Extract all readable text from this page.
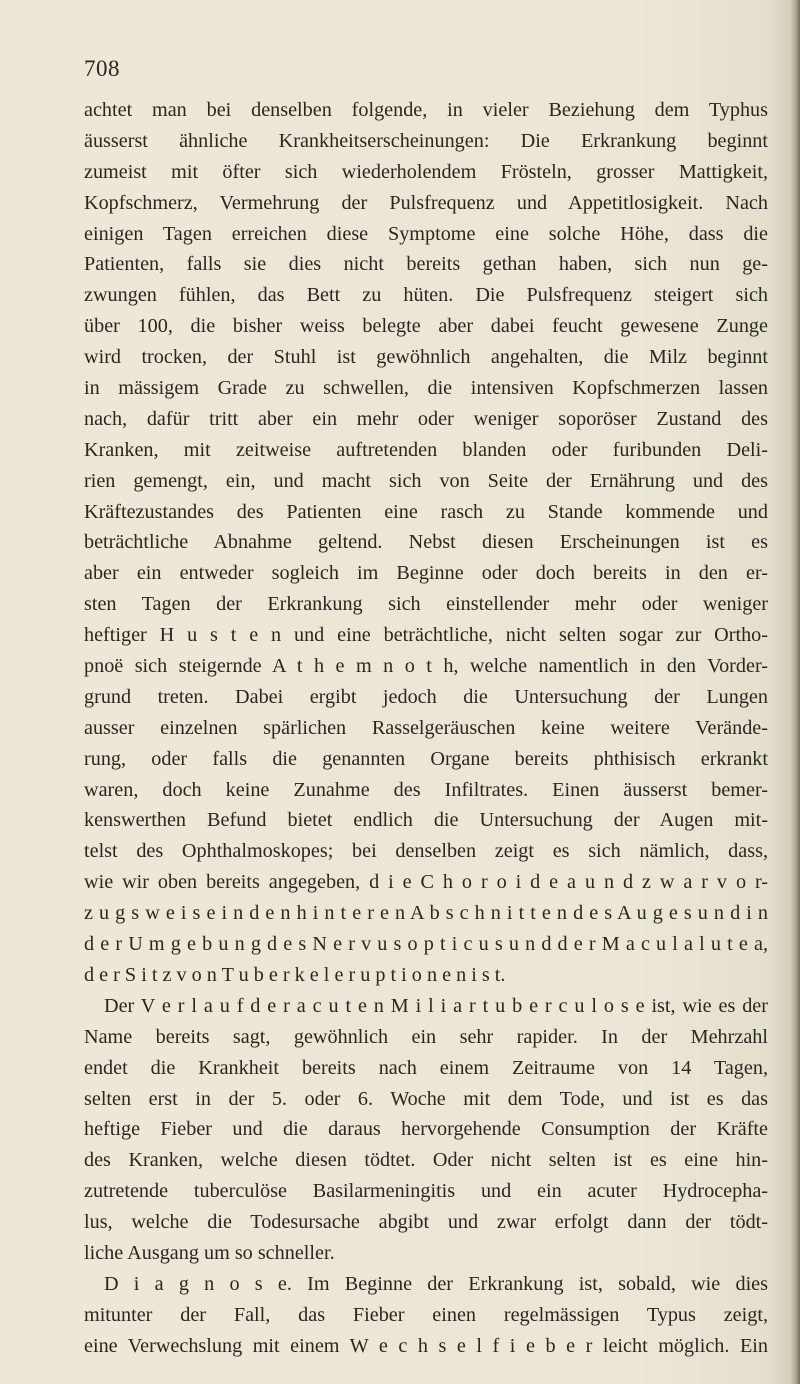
708
achtet man bei denselben folgende, in vieler Beziehung dem Typhus
äusserst ähnliche Krankheitserscheinungen: Die Erkrankung beginnt
zumeist mit öfter sich wiederholendem Frösteln, grosser Mattigkeit,
Kopfschmerz, Vermehrung der Pulsfrequenz und Appetitlosigkeit. Nach
einigen Tagen erreichen diese Symptome eine solche Höhe, dass die
Patienten, falls sie dies nicht bereits gethan haben, sich nun ge-
zwungen fühlen, das Bett zu hüten. Die Pulsfrequenz steigert sich
über 100, die bisher weiss belegte aber dabei feucht gewesene Zunge
wird trocken, der Stuhl ist gewöhnlich angehalten, die Milz beginnt
in mässigem Grade zu schwellen, die intensiven Kopfschmerzen lassen
nach, dafür tritt aber ein mehr oder weniger soporöser Zustand des
Kranken, mit zeitweise auftretenden blanden oder furibunden Deli-
rien gemengt, ein, und macht sich von Seite der Ernährung und des
Kräftezustandes des Patienten eine rasch zu Stande kommende und
beträchtliche Abnahme geltend. Nebst diesen Erscheinungen ist es
aber ein entweder sogleich im Beginne oder doch bereits in den er-
sten Tagen der Erkrankung sich einstellender mehr oder weniger
heftiger H u s t e n und eine beträchtliche, nicht selten sogar zur Ortho-
pnoë sich steigernde A t h e m n o t h, welche namentlich in den Vorder-
grund treten. Dabei ergibt jedoch die Untersuchung der Lungen
ausser einzelnen spärlichen Rasselgeräuschen keine weitere Verände-
rung, oder falls die genannten Organe bereits phthisisch erkrankt
waren, doch keine Zunahme des Infiltrates. Einen äusserst bemer-
kenswerthen Befund bietet endlich die Untersuchung der Augen mit-
telst des Ophthalmoskopes; bei denselben zeigt es sich nämlich, dass,
wie wir oben bereits angegeben, d i e C h o r o i d e a u n d z w a r v o r-
z u g s w e i s e i n d e n h i n t e r e n A b s c h n i t t e n d e s A u g e s u n d i n
d e r U m g e b u n g d e s N e r v u s o p t i c u s u n d d e r M a c u l a l u t e a,
d e r S i t z v o n T u b e r k e l e r u p t i o n e n i s t.
Der V e r l a u f d e r a c u t e n M i l i a r t u b e r c u l o s e ist, wie es der
Name bereits sagt, gewöhnlich ein sehr rapider. In der Mehrzahl
endet die Krankheit bereits nach einem Zeitraume von 14 Tagen,
selten erst in der 5. oder 6. Woche mit dem Tode, und ist es das
heftige Fieber und die daraus hervorgehende Consumption der Kräfte
des Kranken, welche diesen tödtet. Oder nicht selten ist es eine hin-
zutretende tuberculöse Basilarmeningitis und ein acuter Hydrocepha-
lus, welche die Todesursache abgibt und zwar erfolgt dann der tödt-
liche Ausgang um so schneller.
D i a g n o s e. Im Beginne der Erkrankung ist, sobald, wie dies
mitunter der Fall, das Fieber einen regelmässigen Typus zeigt,
eine Verwechslung mit einem W e c h s e l f i e b e r leicht möglich. Ein
